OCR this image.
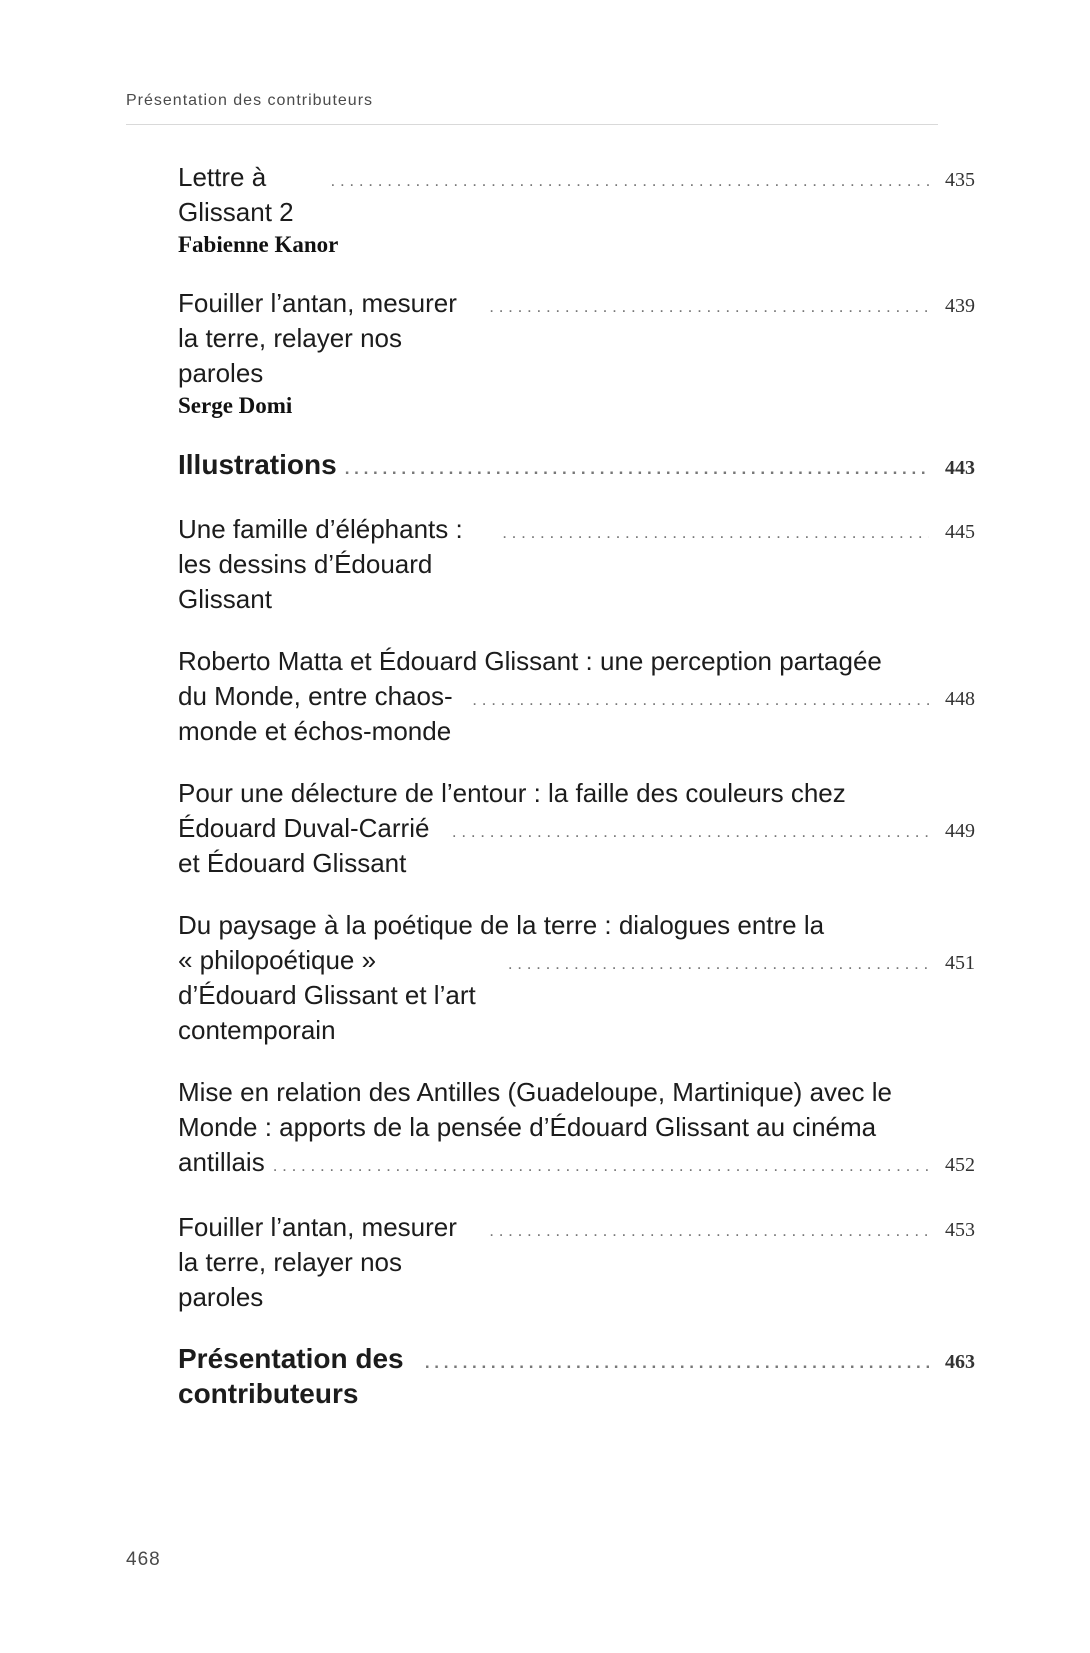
Présentation des contributeurs
Lettre à Glissant 2
. . .
435
Fabienne Kanor
Fouiller l’antan, mesurer la terre, relayer nos paroles
. . .
439
Serge Domi
Illustrations . . .	443
Une famille d’éléphants : les dessins d’Édouard Glissant
. . .
445
Roberto Matta et Édouard Glissant : une perception partagée
du Monde, entre chaos-monde et échos-monde
. . .
448
Pour une délecture de l’entour : la faille des couleurs chez
Édouard Duval-Carrié et Édouard Glissant
. . .
449
Du paysage à la poétique de la terre : dialogues entre la
« philopoétique » d’Édouard Glissant et l’art contemporain
. . .
451
Mise en relation des Antilles (Guadeloupe, Martinique) avec le
Monde : apports de la pensée d’Édouard Glissant au cinéma
antillais . . .	452
Fouiller l’antan, mesurer la terre, relayer nos paroles
. . .
453
Présentation des contributeurs
. . .
463
468
